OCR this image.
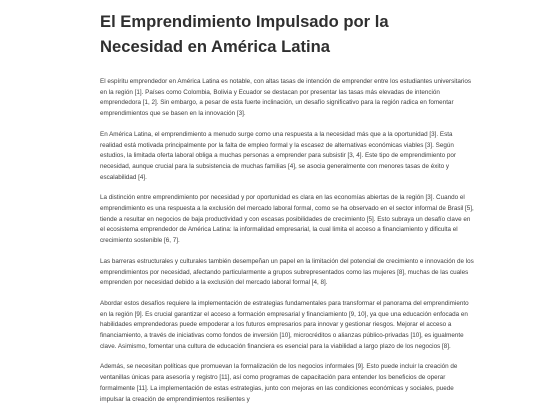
El Emprendimiento Impulsado por la Necesidad en América Latina

El espíritu emprendedor en América Latina es notable, con altas tasas de intención de emprender entre los estudiantes universitarios en la región [1]. Países como Colombia, Bolivia y Ecuador se destacan por presentar las tasas más elevadas de intención emprendedora [1, 2]. Sin embargo, a pesar de esta fuerte inclinación, un desafío significativo para la región radica en fomentar emprendimientos que se basen en la innovación [3].

En América Latina, el emprendimiento a menudo surge como una respuesta a la necesidad más que a la oportunidad [3]. Esta realidad está motivada principalmente por la falta de empleo formal y la escasez de alternativas económicas viables [3]. Según estudios, la limitada oferta laboral obliga a muchas personas a emprender para subsistir [3, 4]. Este tipo de emprendimiento por necesidad, aunque crucial para la subsistencia de muchas familias [4], se asocia generalmente con menores tasas de éxito y escalabilidad [4].

La distinción entre emprendimiento por necesidad y por oportunidad es clara en las economías abiertas de la región [3]. Cuando el emprendimiento es una respuesta a la exclusión del mercado laboral formal, como se ha observado en el sector informal de Brasil [5], tiende a resultar en negocios de baja productividad y con escasas posibilidades de crecimiento [5]. Esto subraya un desafío clave en el ecosistema emprendedor de América Latina: la informalidad empresarial, la cual limita el acceso a financiamiento y dificulta el crecimiento sostenible [6, 7].

Las barreras estructurales y culturales también desempeñan un papel en la limitación del potencial de crecimiento e innovación de los emprendimientos por necesidad, afectando particularmente a grupos subrepresentados como las mujeres [8], muchas de las cuales emprenden por necesidad debido a la exclusión del mercado laboral formal [4, 8].

Abordar estos desafíos requiere la implementación de estrategias fundamentales para transformar el panorama del emprendimiento en la región [9]. Es crucial garantizar el acceso a formación empresarial y financiamiento [9, 10], ya que una educación enfocada en habilidades emprendedoras puede empoderar a los futuros empresarios para innovar y gestionar riesgos. Mejorar el acceso a financiamiento, a través de iniciativas como fondos de inversión [10], microcréditos o alianzas público-privadas [10], es igualmente clave. Asimismo, fomentar una cultura de educación financiera es esencial para la viabilidad a largo plazo de los negocios [8].

Además, se necesitan políticas que promuevan la formalización de los negocios informales [9]. Esto puede incluir la creación de ventanillas únicas para asesoría y registro [11], así como programas de capacitación para entender los beneficios de operar formalmente [11]. La implementación de estas estrategias, junto con mejoras en las condiciones económicas y sociales, puede impulsar la creación de emprendimientos resilientes y
